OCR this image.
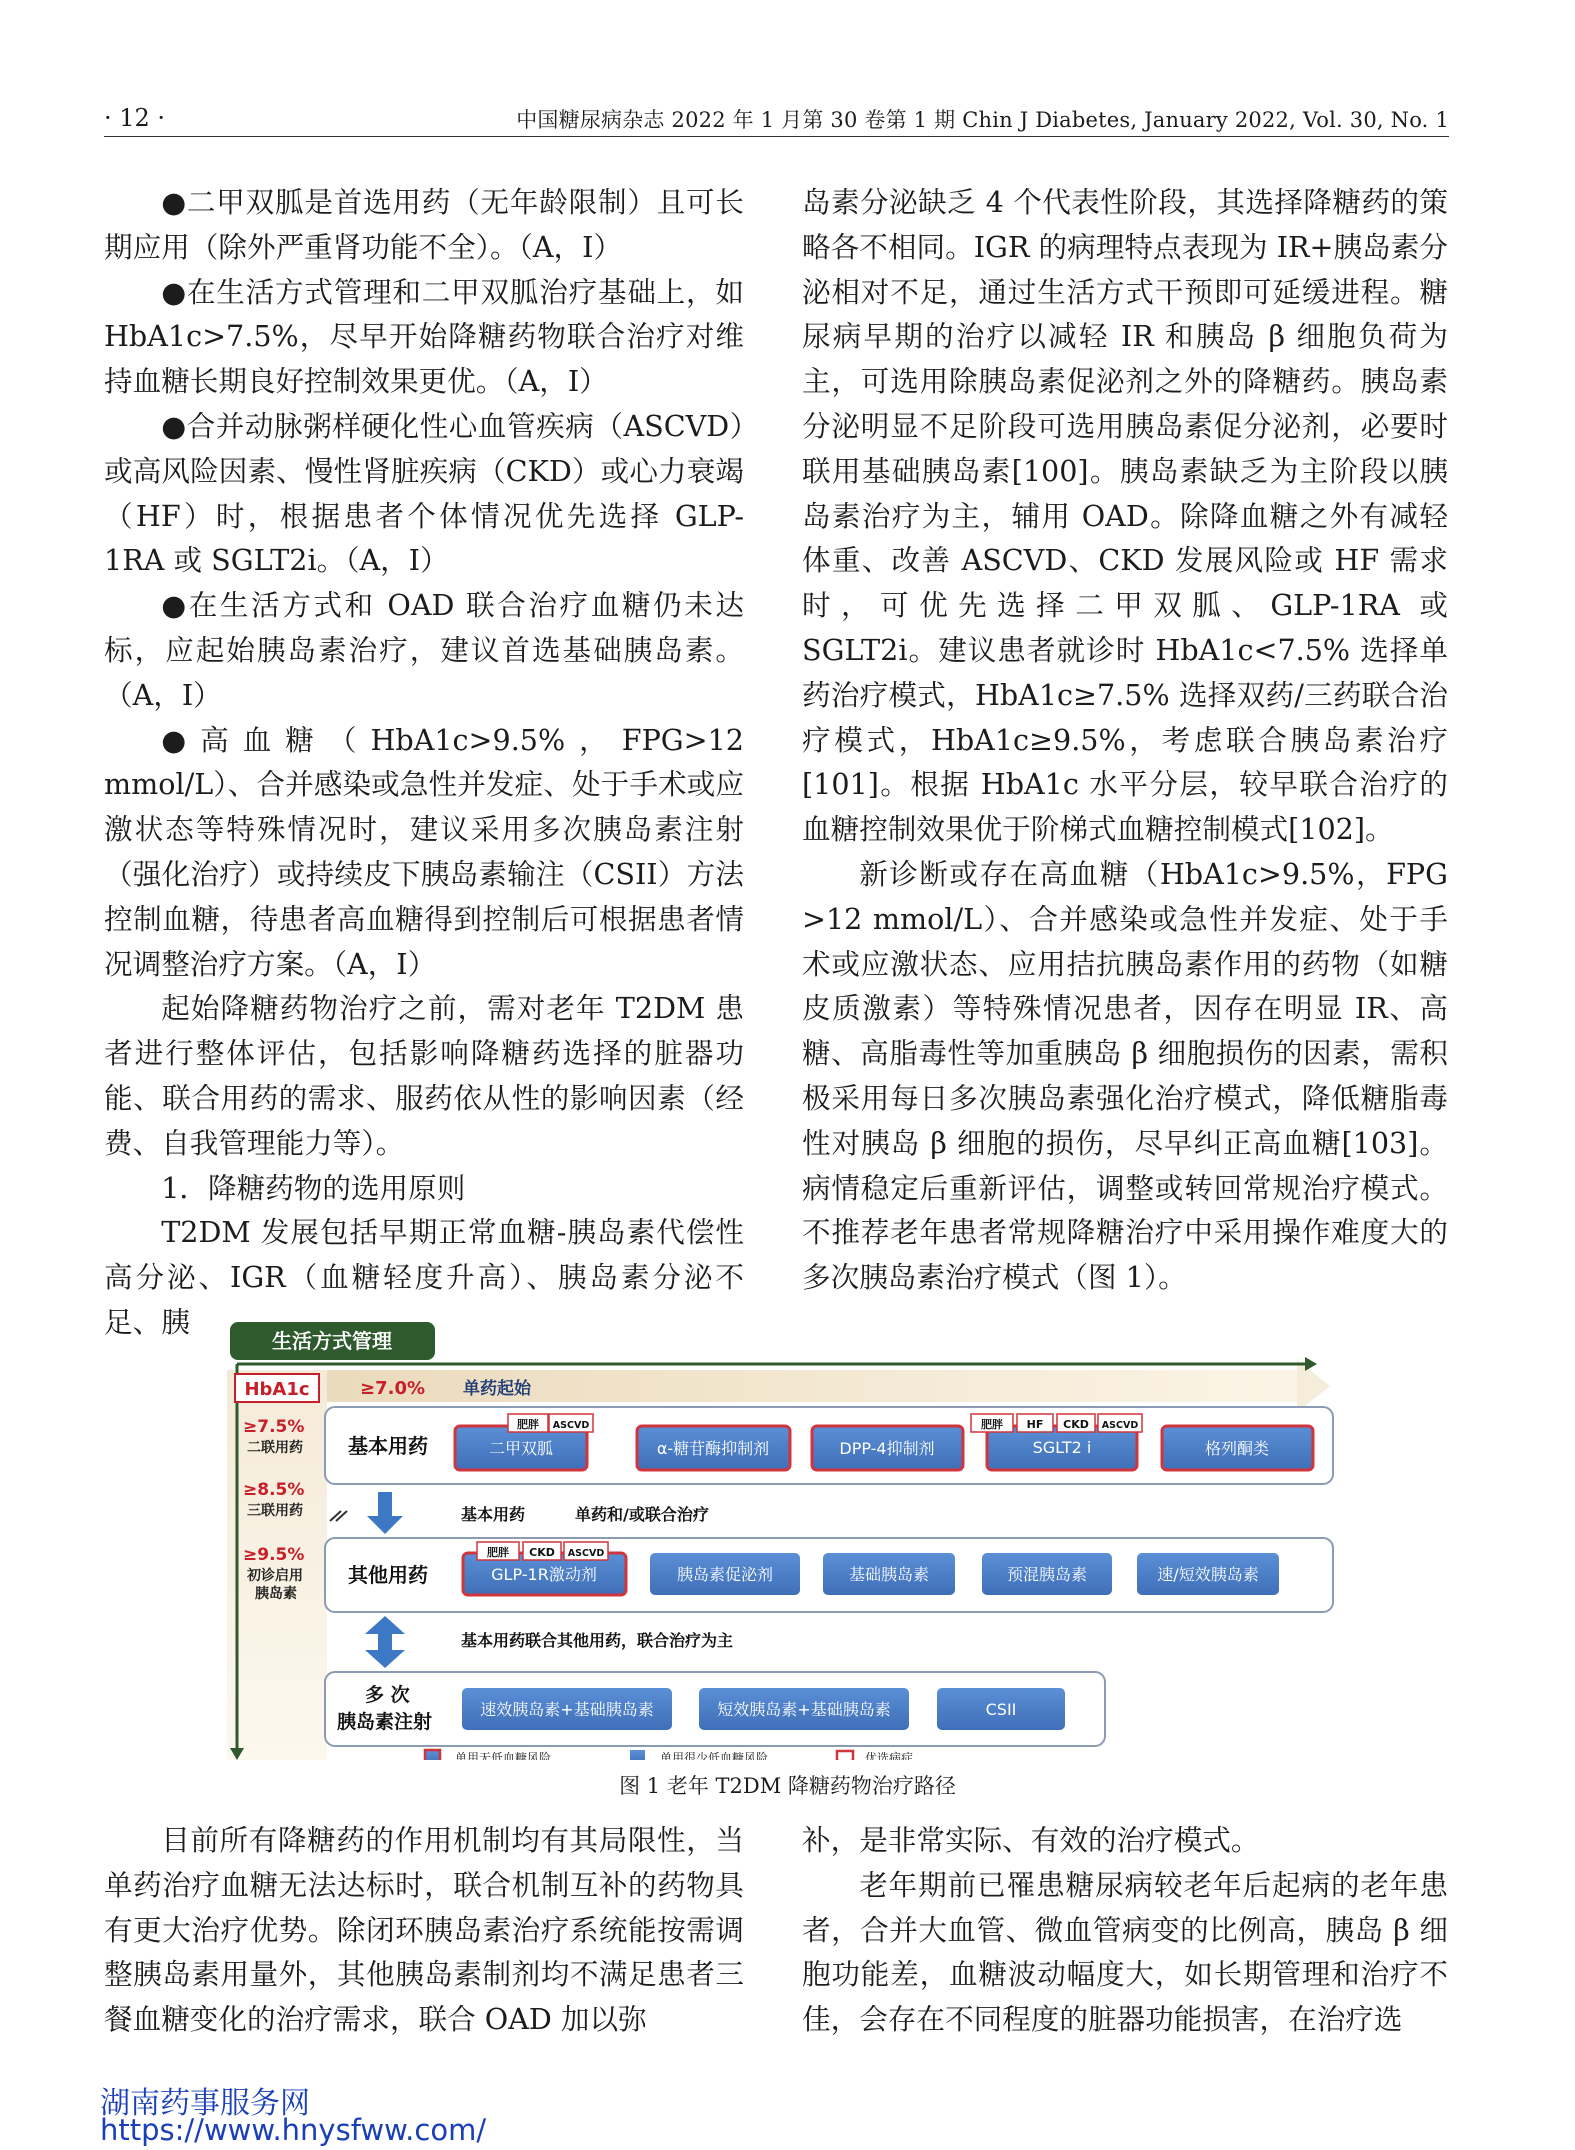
· 12 ·	中国糖尿病杂志 2022 年 1 月第 30 卷第 1 期 Chin J Diabetes, January 2022, Vol. 30, No. 1

●二甲双胍是首选用药（无年龄限制）且可长期应用（除外严重肾功能不全）。（A，Ⅰ）

●在生活方式管理和二甲双胍治疗基础上，如 HbA1c>7.5%，尽早开始降糖药物联合治疗对维持血糖长期良好控制效果更优。（A，Ⅰ）

●合并动脉粥样硬化性心血管疾病（ASCVD）或高风险因素、慢性肾脏疾病（CKD）或心力衰竭（HF）时，根据患者个体情况优先选择 GLP-1RA 或 SGLT2i。（A，Ⅰ）

●在生活方式和 OAD 联合治疗血糖仍未达标，应起始胰岛素治疗，建议首选基础胰岛素。（A，Ⅰ）

●高血糖（HbA1c>9.5%，FPG>12 mmol/L）、合并感染或急性并发症、处于手术或应激状态等特殊情况时，建议采用多次胰岛素注射（强化治疗）或持续皮下胰岛素输注（CSII）方法控制血糖，待患者高血糖得到控制后可根据患者情况调整治疗方案。（A，Ⅰ）

起始降糖药物治疗之前，需对老年 T2DM 患者进行整体评估，包括影响降糖药选择的脏器功能、联合用药的需求、服药依从性的影响因素（经费、自我管理能力等）。

1．降糖药物的选用原则

T2DM 发展包括早期正常血糖-胰岛素代偿性高分泌、IGR（血糖轻度升高）、胰岛素分泌不足、胰

岛素分泌缺乏 4 个代表性阶段，其选择降糖药的策略各不相同。IGR 的病理特点表现为 IR+胰岛素分泌相对不足，通过生活方式干预即可延缓进程。糖尿病早期的治疗以减轻 IR 和胰岛 β 细胞负荷为主，可选用除胰岛素促泌剂之外的降糖药。胰岛素分泌明显不足阶段可选用胰岛素促分泌剂，必要时联用基础胰岛素[100]。胰岛素缺乏为主阶段以胰岛素治疗为主，辅用 OAD。除降血糖之外有减轻体重、改善 ASCVD、CKD 发展风险或 HF 需求时，可优先选择二甲双胍、GLP-1RA 或 SGLT2i。建议患者就诊时 HbA1c<7.5% 选择单药治疗模式，HbA1c≥7.5% 选择双药/三药联合治疗模式，HbA1c≥9.5%，考虑联合胰岛素治疗[101]。根据 HbA1c 水平分层，较早联合治疗的血糖控制效果优于阶梯式血糖控制模式[102]。

新诊断或存在高血糖（HbA1c>9.5%，FPG >12 mmol/L）、合并感染或急性并发症、处于手术或应激状态、应用拮抗胰岛素作用的药物（如糖皮质激素）等特殊情况患者，因存在明显 IR、高糖、高脂毒性等加重胰岛 β 细胞损伤的因素，需积极采用每日多次胰岛素强化治疗模式，降低糖脂毒性对胰岛 β 细胞的损伤，尽早纠正高血糖[103]。病情稳定后重新评估，调整或转回常规治疗模式。不推荐老年患者常规降糖治疗中采用操作难度大的多次胰岛素治疗模式（图 1）。

生活方式管理
HbA1c	≥7.0% 单药起始
≥7.5%
二联用药
≥8.5%
三联用药
≥9.5%
初诊启用
胰岛素
基本用药	二甲双胍	α-糖苷酶抑制剂	DPP-4抑制剂	SGLT2 i	格列酮类
肥胖 ASCVD	肥胖 HF CKD ASCVD
基本用药	单药和/或联合治疗
其他用药	GLP-1R激动剂	胰岛素促泌剂	基础胰岛素	预混胰岛素	速/短效胰岛素
肥胖 CKD ASCVD
基本用药联合其他用药，联合治疗为主
多 次
胰岛素注射
速效胰岛素+基础胰岛素	短效胰岛素+基础胰岛素	CSII
单用无低血糖风险	单用很少低血糖风险	优选病症
图 1 老年 T2DM 降糖药物治疗路径

目前所有降糖药的作用机制均有其局限性，当单药治疗血糖无法达标时，联合机制互补的药物具有更大治疗优势。除闭环胰岛素治疗系统能按需调整胰岛素用量外，其他胰岛素制剂均不满足患者三餐血糖变化的治疗需求，联合 OAD 加以弥

补，是非常实际、有效的治疗模式。

老年期前已罹患糖尿病较老年后起病的老年患者，合并大血管、微血管病变的比例高，胰岛 β 细胞功能差，血糖波动幅度大，如长期管理和治疗不佳，会存在不同程度的脏器功能损害，在治疗选

湖南药事服务网
https://www.hnysfww.com/
